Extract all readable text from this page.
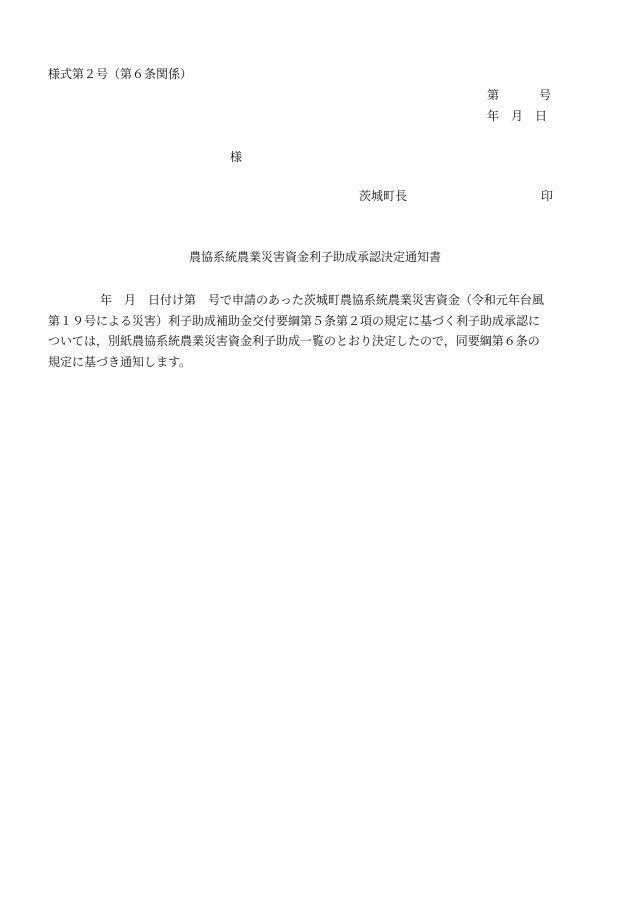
様式第２号（第６条関係）
第	号
年 月 日
様
茨城町長	印
農協系統農業災害資金利子助成承認決定通知書
年　月　日付け第　号で申請のあった茨城町農協系統農業災害資金（令和元年台風
第１９号による災害）利子助成補助金交付要綱第５条第２項の規定に基づく利子助成承認に
ついては，別紙農協系統農業災害資金利子助成一覧のとおり決定したので，同要綱第６条の
規定に基づき通知します。
